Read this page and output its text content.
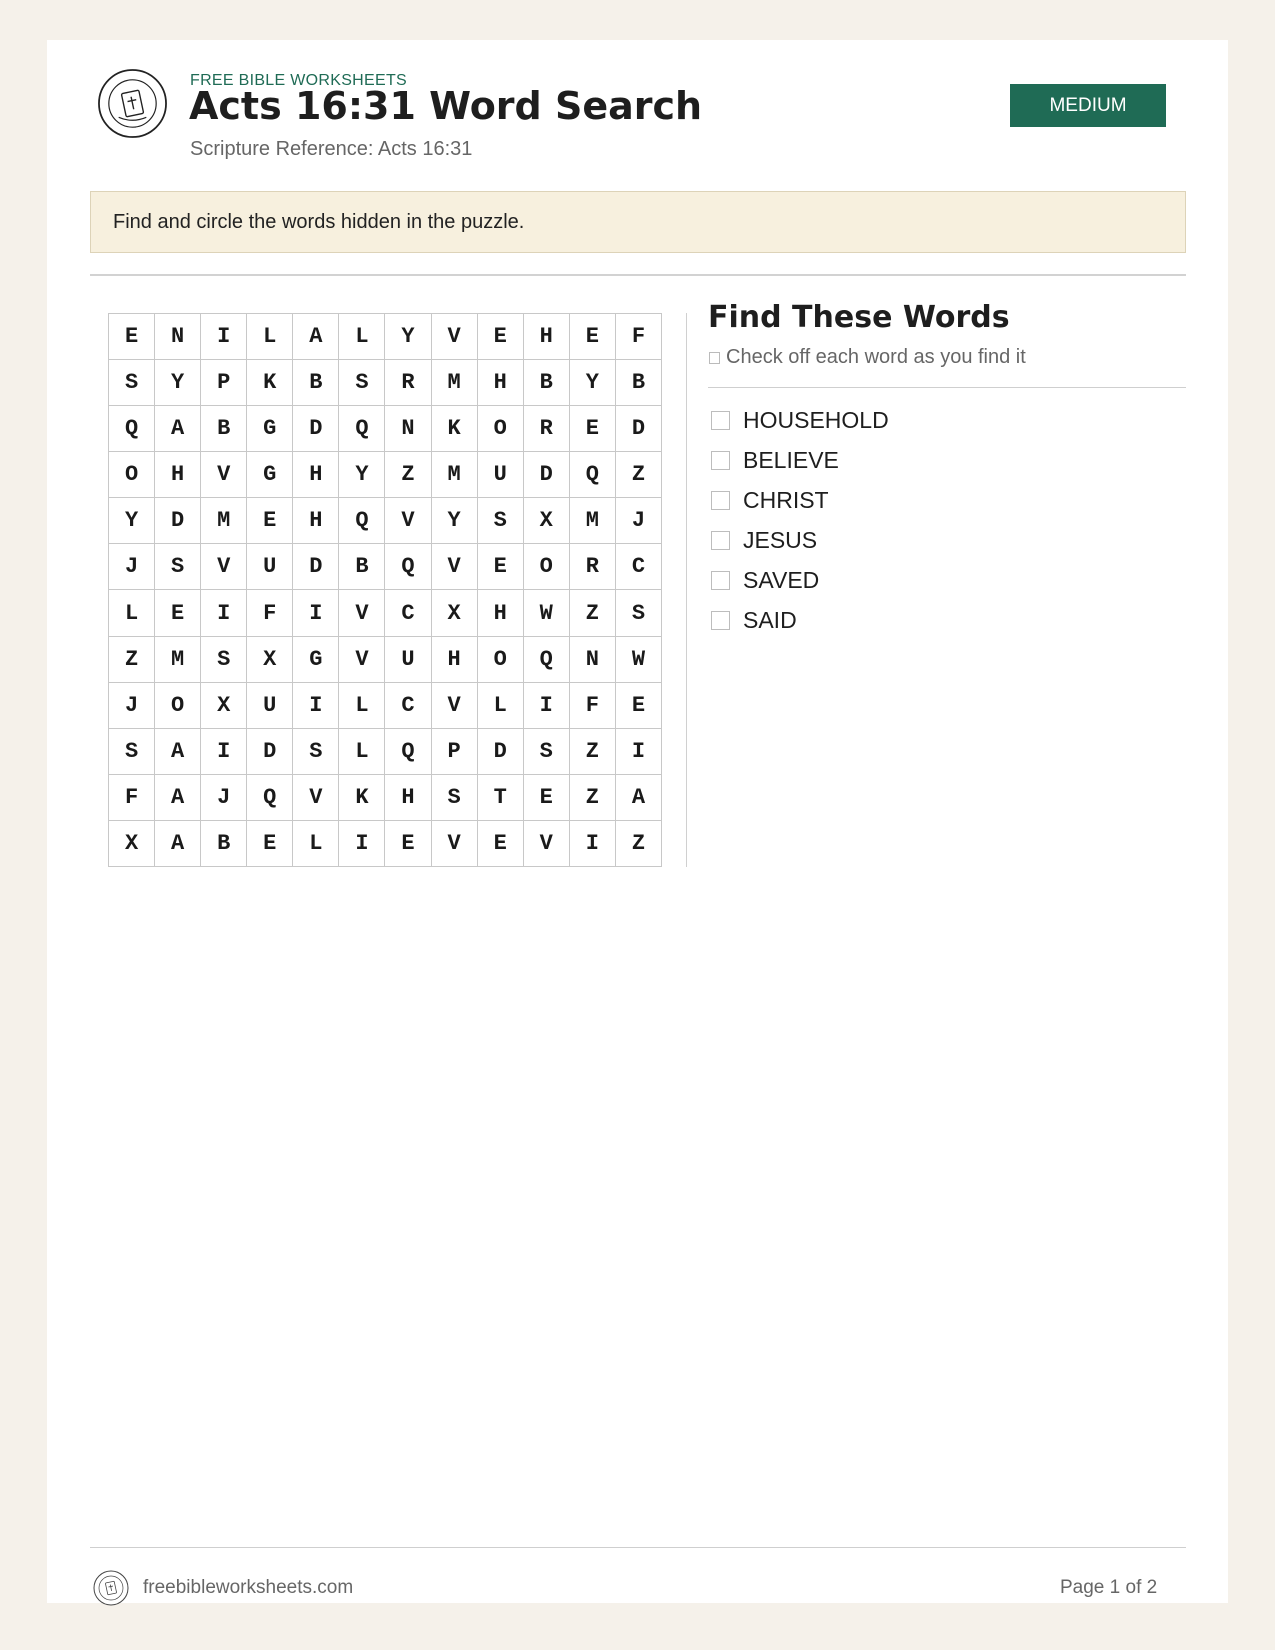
FREE BIBLE WORKSHEETS
Acts 16:31 Word Search
Scripture Reference: Acts 16:31
MEDIUM
Find and circle the words hidden in the puzzle.
E	N	I	L	A	L	Y	V	E	H	E	F
S	Y	P	K	B	S	R	M	H	B	Y	B
Q	A	B	G	D	Q	N	K	O	R	E	D
O	H	V	G	H	Y	Z	M	U	D	Q	Z
Y	D	M	E	H	Q	V	Y	S	X	M	J
J	S	V	U	D	B	Q	V	E	O	R	C
L	E	I	F	I	V	C	X	H	W	Z	S
Z	M	S	X	G	V	U	H	O	Q	N	W
J	O	X	U	I	L	C	V	L	I	F	E
S	A	I	D	S	L	Q	P	D	S	Z	I
F	A	J	Q	V	K	H	S	T	E	Z	A
X	A	B	E	L	I	E	V	E	V	I	Z
Find These Words
Check off each word as you find it
HOUSEHOLD
BELIEVE
CHRIST
JESUS
SAVED
SAID
freebibleworksheets.com	Page 1 of 2
